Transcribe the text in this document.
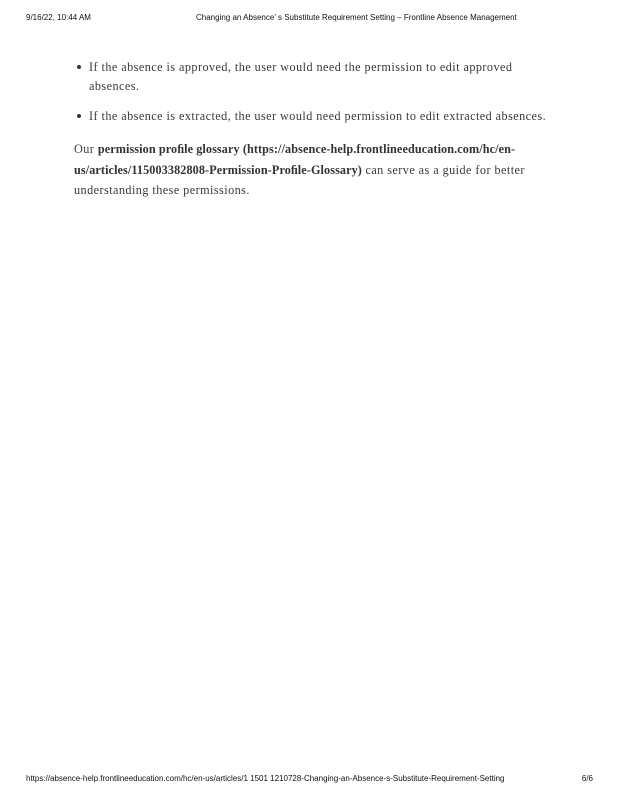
9/16/22, 10:44 AM	Changing an Absence’ s Substitute Requirement Setting – Frontline Absence Management
If the absence is approved, the user would need the permission to edit approved absences.
If the absence is extracted, the user would need permission to edit extracted absences.

Our permission proﬁle glossary (https://absence-help.frontlineeducation.com/hc/en-us/articles/115003382808-Permission-Proﬁle-Glossary) can serve as a guide for better understanding these permissions.

https://absence-help.frontlineeducation.com/hc/en-us/articles/1 1501 1210728-Changing-an-Absence-s-Substitute-Requirement-Setting	6/6
